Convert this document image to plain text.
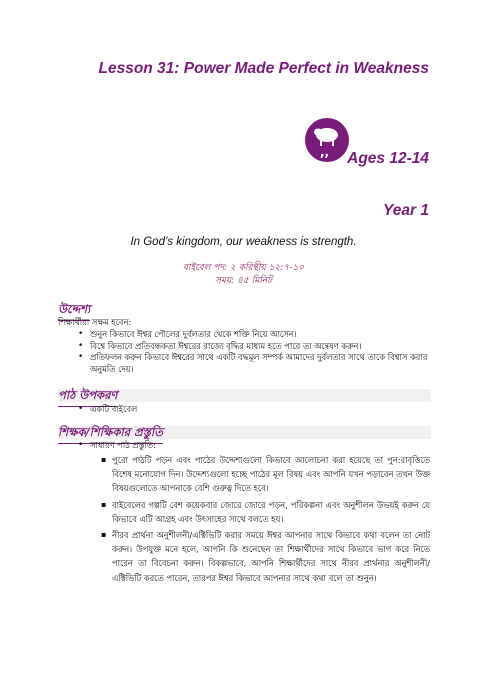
Lesson 31: Power Made Perfect in Weakness
,,	Ages 12-14
Year 1
In God’s kingdom, our weakness is strength.
বাইবেল পদ: ২ করিন্থীয় ১২:৭-১০
সময়: ৪৫ মিনিট
উদ্দেশ্য
শিক্ষার্থীরা সক্ষম হবেন:
• শুনুন কিভাবে ঈশ্বর পৌলের দুর্বলতার থেকে শক্তি নিয়ে আসেন।
• বিশ্বে কিভাবে প্রতিবন্ধকতা ঈশ্বরের রাজ্যে বৃদ্ধির মাধ্যম হতে পারে তা অন্বেষণ করুন।
• প্রতিফলন করুন কিভাবে ঈশ্বরের সাথে একটি বদ্ধমূল সম্পর্ক আমাদের দুর্বলতার সাথে তাকে বিশ্বাস করার অনুমতি দেয়।
পাঠ উপকরণ
• একটি বাইবেল
শিক্ষক/শিক্ষিকার প্রস্তুতি
• সাধারণ পাঠ প্রস্তুতি:
▪ পুরো পাঠটি পড়ন এবং পাঠের উদ্দেশ্যগুলো কিভাবে আলোচনা করা হয়েছে তা পুন:রাবৃত্তিতে বিশেষ মনোযোগ দিন। উদ্দেশ্যগুলো হচ্ছে পাঠের মূল বিষয় এবং আপনি যখন পড়াবেন তখন উক্ত বিষয়গুলোতে আপনাকে বেশি গুরুত্ব দিতে হবে।
▪ বাইবেলের গল্পটি বেশ কয়েকবার জোরে জোরে পড়ন, পরিকল্পনা এবং অনুশীলন উভয়ই করুন যে কিভাবে এটি আগ্রহ এবং উৎসাহের সাথে বলতে হয়।
▪ নীরব প্রার্থনা অনুশীলনী/এক্টিভিটি করার সময়ে ঈশ্বর আপনার সাথে কিভাবে কথা বলেন তা নোট করুন। উপযুক্ত মনে হলে, আপনি কি শুনেছেন তা শিক্ষার্থীদের সাথে কিভাবে ভাগ করে নিতে পারেন তা বিবেচনা করুন। বিকল্পভাবে, আপনি শিক্ষার্থীদের সাথে নীরব প্রার্থনার অনুশীলনী/এক্টিভিটি করতে পারেন, তারপর ঈশ্বর কিভাবে আপনার সাথে কথা বলে তা শুনুন।
